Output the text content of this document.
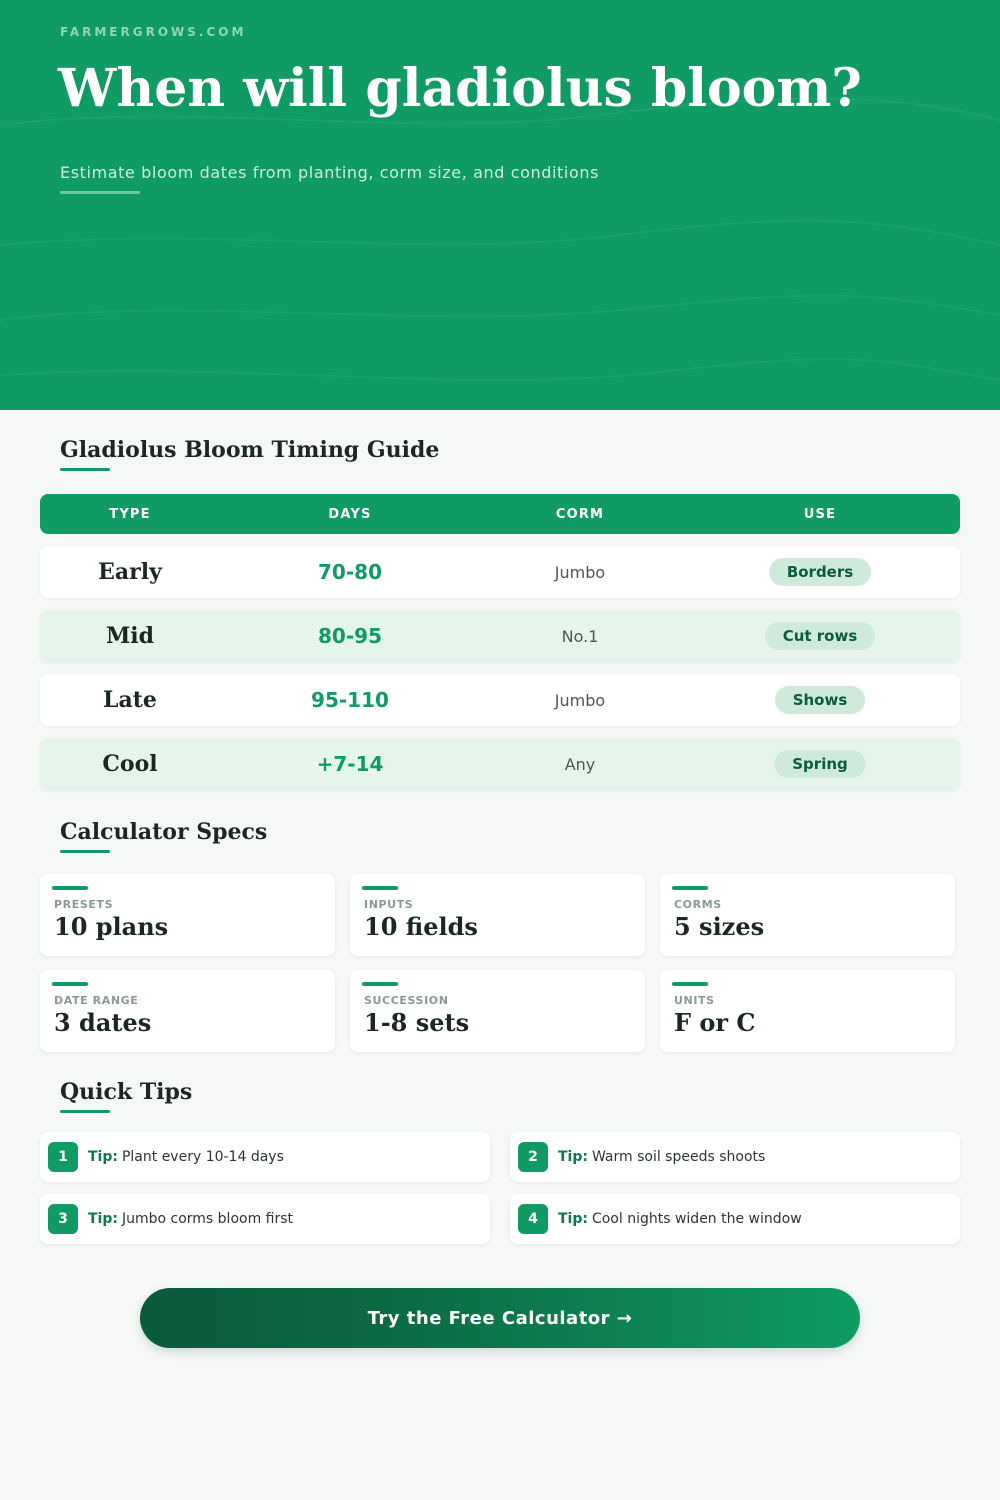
FARMERGROWS.COM
When will gladiolus bloom?

Estimate bloom dates from planting, corm size, and conditions

Gladiolus Bloom Timing Guide
TYPE	DAYS	CORM	USE
Early	70-80	Jumbo	Borders
Mid	80-95	No.1	Cut rows
Late	95-110	Jumbo	Shows
Cool	+7-14	Any	Spring
Calculator Specs
PRESETS
10 plans
INPUTS
10 fields
CORMS
5 sizes
DATE RANGE
3 dates
SUCCESSION
1-8 sets
UNITS
F or C
Quick Tips
1	Tip: Plant every 10-14 days	2	Tip: Warm soil speeds shoots
3	Tip: Jumbo corms bloom first	4	Tip: Cool nights widen the window
Try the Free Calculator →
